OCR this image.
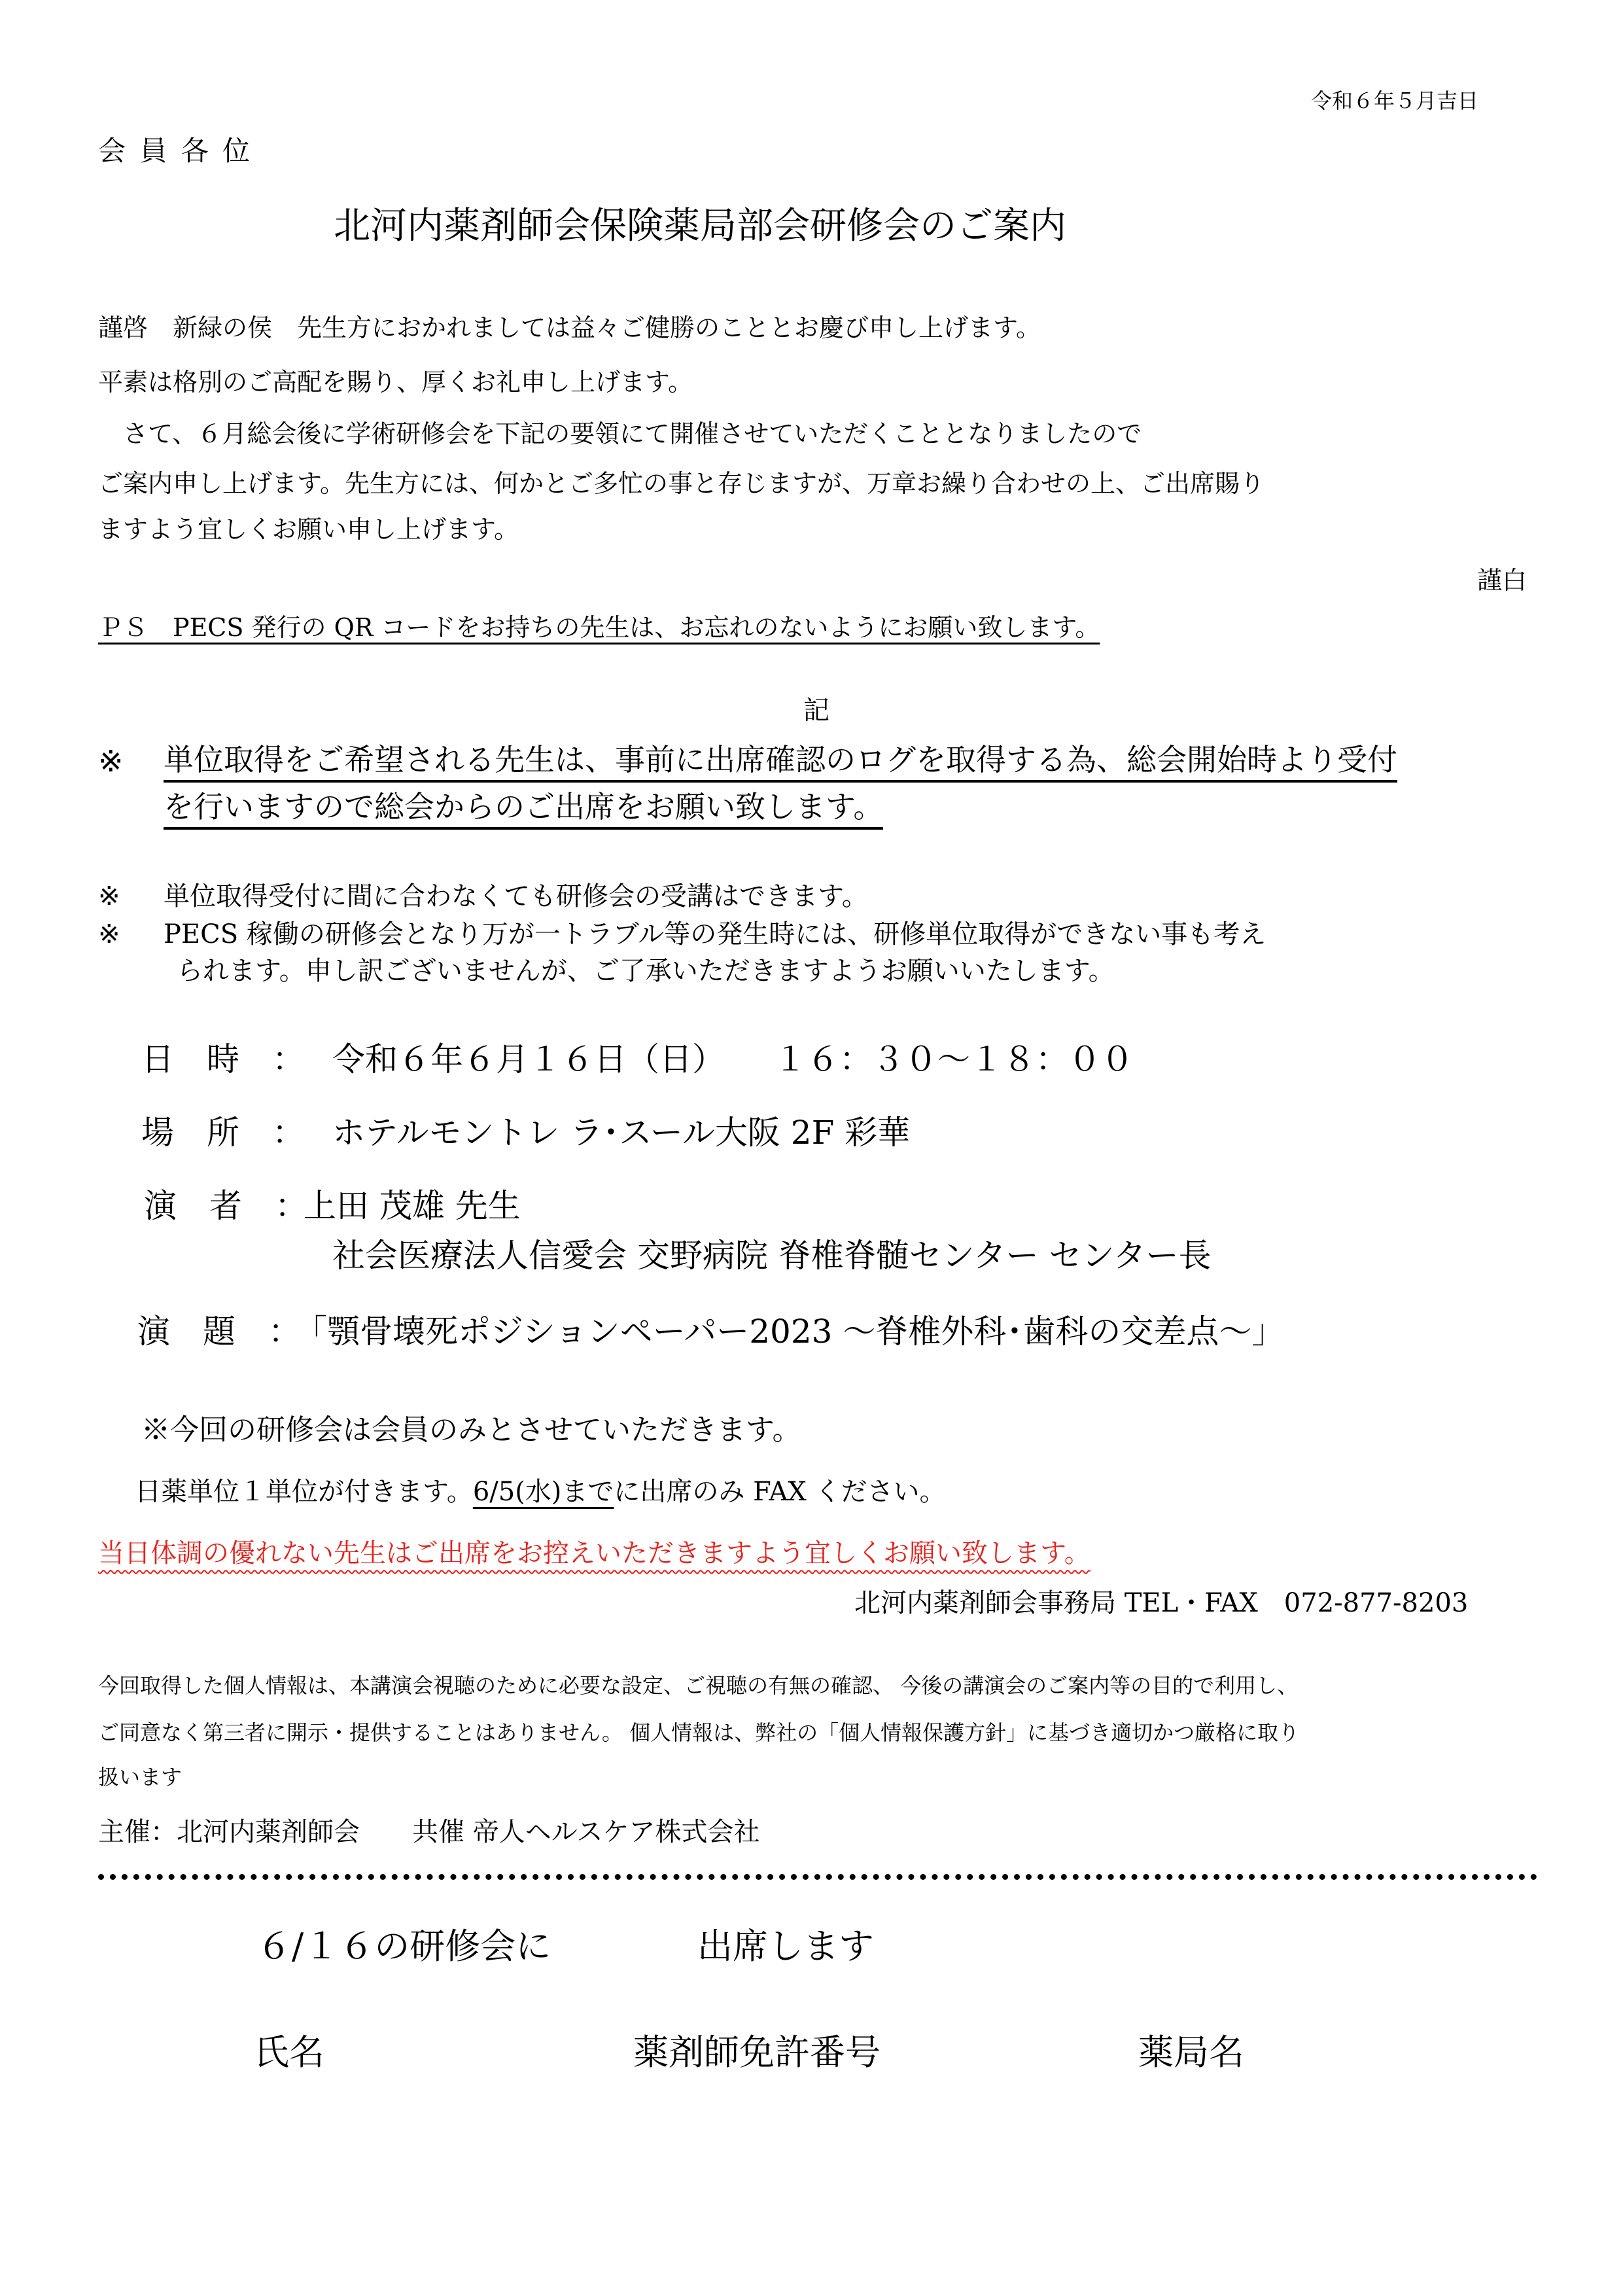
令和６年５月吉日
会 員 各 位
北河内薬剤師会保険薬局部会研修会のご案内
謹啓　新緑の侯　先生方におかれましては益々ご健勝のこととお慶び申し上げます。
平素は格別のご高配を賜り、厚くお礼申し上げます。
　さて、６月総会後に学術研修会を下記の要領にて開催させていただくこととなりましたので
ご案内申し上げます。先生方には、何かとご多忙の事と存じますが、万章お繰り合わせの上、ご出席賜り
ますよう宜しくお願い申し上げます。
謹白
ＰＳ　PECS 発行の QR コードをお持ちの先生は、お忘れのないようにお願い致します。
記
※ 単位取得をご希望される先生は、事前に出席確認のログを取得する為、総会開始時より受付
を行いますので総会からのご出席をお願い致します。
※ 単位取得受付に間に合わなくても研修会の受講はできます。
※ PECS 稼働の研修会となり万が一トラブル等の発生時には、研修単位取得ができない事も考え
られます。申し訳ございませんが、ご了承いただきますようお願いいたします。
日　時　： 令和６年６月１６日（日）　　１６：３０～１８：００
場　所　： ホテルモントレ ラ･スール大阪 2F 彩華
演　者　：
上田 茂雄 先生
社会医療法人信愛会 交野病院 脊椎脊髄センター センター長
演　題　：
「顎骨壊死ポジションペーパー2023 ～脊椎外科･歯科の交差点～」
※今回の研修会は会員のみとさせていただきます。
日薬単位１単位が付きます。6/5(水)までに出席のみ FAX ください。
当日体調の優れない先生はご出席をお控えいただきますよう宜しくお願い致します。
北河内薬剤師会事務局 TEL・FAX　072-877-8203
今回取得した個人情報は、本講演会視聴のために必要な設定、ご視聴の有無の確認、 今後の講演会のご案内等の目的で利用し、
ご同意なく第三者に開示・提供することはありません。 個人情報は、弊社の「個人情報保護方針」に基づき適切かつ厳格に取り
扱います
主催：北河内薬剤師会　　共催 帝人ヘルスケア株式会社
６/１６の研修会に	出席します
氏名	薬剤師免許番号	薬局名
